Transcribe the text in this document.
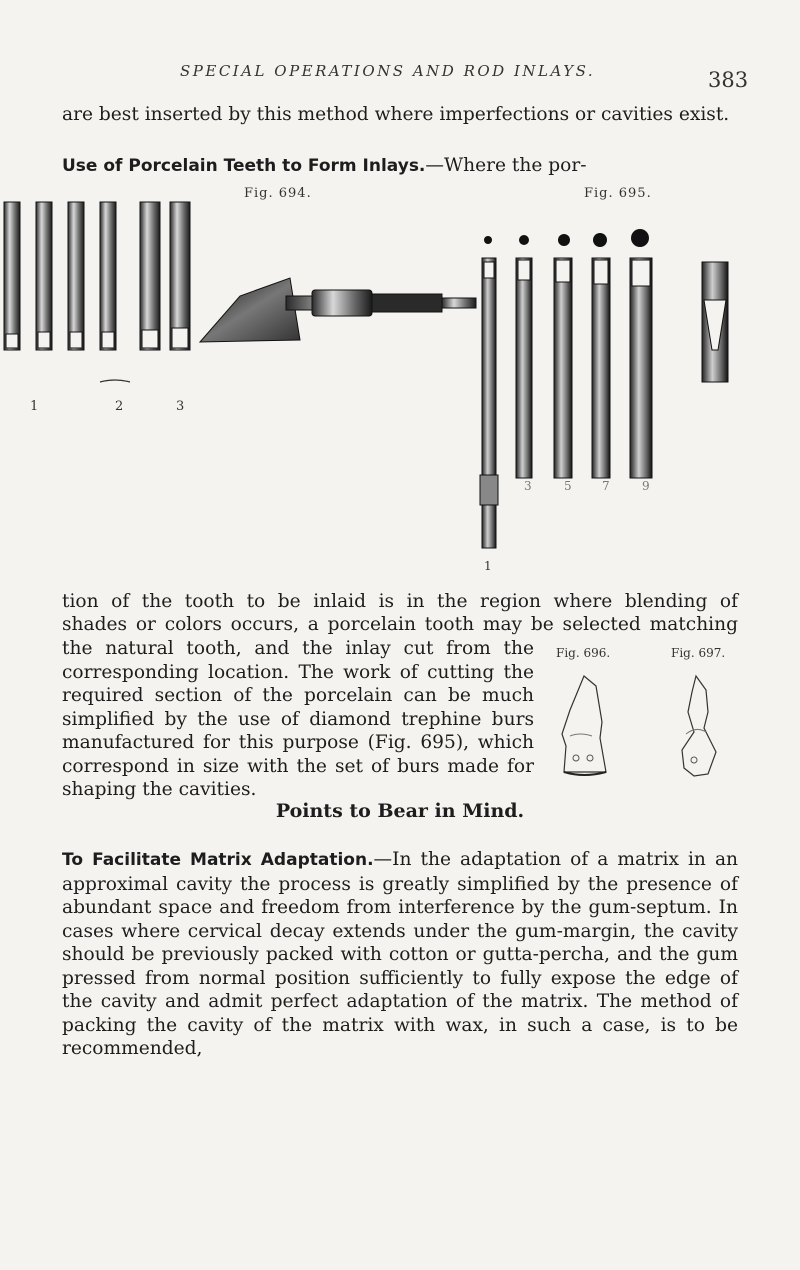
SPECIAL OPERATIONS AND ROD INLAYS.	383

are best inserted by this method where imperfections or cavities exist.

Use of Porcelain Teeth to Form Inlays.—Where the por-

Fig. 694.	Fig. 695.
1	2	3
1
3	5	7	9

tion of the tooth to be inlaid is in the region where blending of

shades or colors occurs, a porcelain tooth may be selected matching

the natural tooth, and the inlay cut from the corresponding location. The work of cutting the required section of the porcelain can be much simplified by the use of diamond trephine burs manufactured for this purpose (Fig. 695), which correspond in size with the set of burs made for shaping the cavities.

Fig. 696.	Fig. 697.
Points to Bear in Mind.

To Facilitate Matrix Adaptation.—In the adaptation of a matrix in an approximal cavity the process is greatly simplified by the presence of abundant space and freedom from interference by the gum-septum. In cases where cervical decay extends under the gum-margin, the cavity should be previously packed with cotton or gutta-percha, and the gum pressed from normal position sufficiently to fully expose the edge of the cavity and admit perfect adaptation of the matrix. The method of packing the cavity of the matrix with wax, in such a case, is to be recommended,
